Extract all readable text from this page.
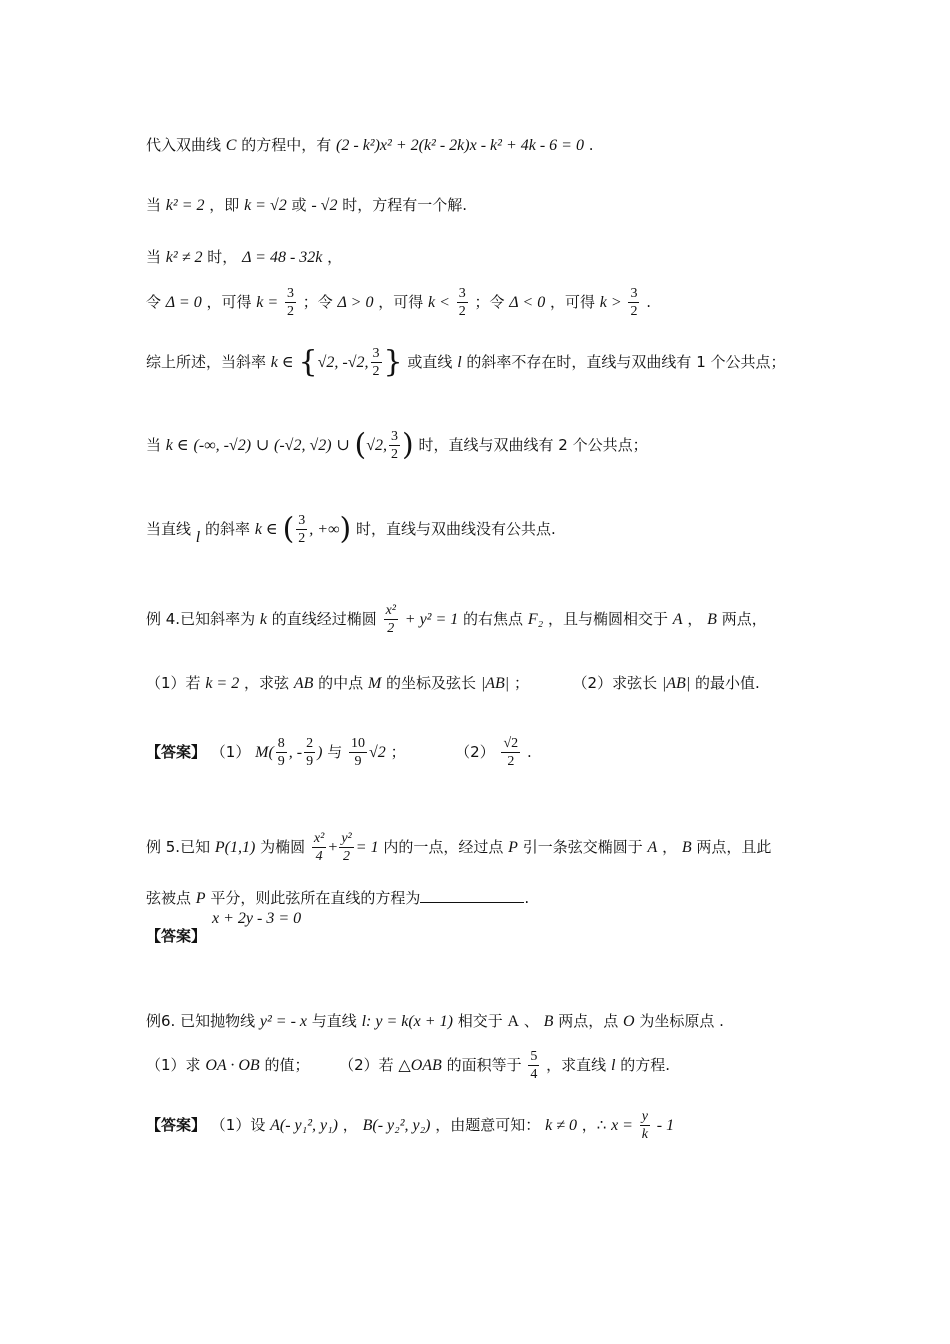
代入双曲线 C 的方程中，有 (2 - k²)x² + 2(k² - 2k)x - k² + 4k - 6 = 0 .
当 k² = 2 ，即 k = √2 或 - √2 时，方程有一个解.
当 k² ≠ 2 时， Δ = 48 - 32k ，
令 Δ = 0 ，可得 $k = \frac{3}{2}$ ；令 Δ > 0 ，可得 $k < \frac{3}{2}$ ；令 Δ < 0 ，可得 $k > \frac{3}{2}$ .
综上所述，当斜率 k ∈ {√2, -√2, $\frac{3}{2}$ } 或直线 l 的斜率不存在时，直线与双曲线有 1 个公共点；
当 k ∈ (-∞, -√2) ∪ (-√2, √2) ∪ (√2, $\frac{3}{2}$ ) 时，直线与双曲线有 2 个公共点；
当直线 l 的斜率 k ∈ ( $\frac{3}{2}$ , +∞) 时，直线与双曲线没有公共点.
例 4.已知斜率为 k 的直线经过椭圆 $\frac{\text{x²}}{2} + y^2 = 1$ 的右焦点 F₂ ，且与椭圆相交于 A ， B 两点，
（1）若 k = 2 ，求弦 AB 的中点 M 的坐标及弦长 |AB| ；	（2）求弦长 |AB| 的最小值.
【答案】 （1） $M( \frac{8}{9}$ , - $\frac{2}{9}$ ) 与 $\frac{10}{9} √2$ ；	$(2) \frac{√2}{2}$ .
例 5.已知 P(1,1) 为椭圆 $\frac{\text{x²}}{4} + \frac{\text{y²}}{2} = 1$ 内的一点，经过点 P 引一条弦交椭圆于 A ， B 两点，且此
弦被点 P 平分，则此弦所在直线的方程为	.
【答案】
x + 2y - 3 = 0
例6. 已知抛物线 y² = - x 与直线 l: y = k(x + 1) 相交于 A 、 B 两点，点 O 为坐标原点 .
（1）求 OA · OB 的值； （2）若 △OAB 的面积等于 $\frac{5}{4}$ ，求直线 l 的方程.
【答案】 （1）设 A(- y₁², y₁) ， B(- y₂², y₂) ，由题意可知： k ≠ 0 ，∴ $x = \frac{y}{k} - 1$
